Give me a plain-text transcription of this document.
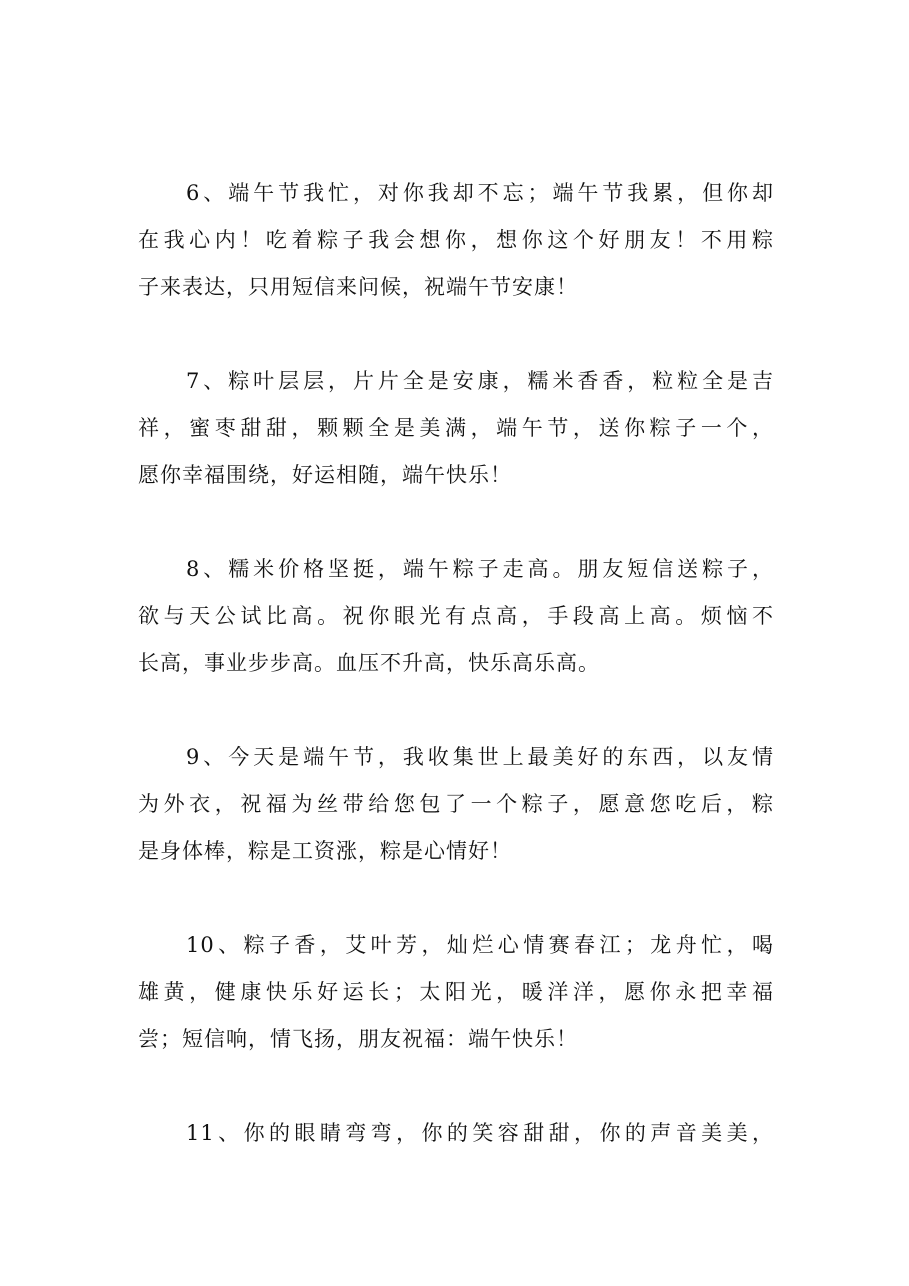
6、端午节我忙，对你我却不忘；端午节我累，但你却
在我心内！吃着粽子我会想你，想你这个好朋友！不用粽
子来表达，只用短信来问候，祝端午节安康！
7、粽叶层层，片片全是安康，糯米香香，粒粒全是吉
祥，蜜枣甜甜，颗颗全是美满，端午节，送你粽子一个，
愿你幸福围绕，好运相随，端午快乐！
8、糯米价格坚挺，端午粽子走高。朋友短信送粽子，
欲与天公试比高。祝你眼光有点高，手段高上高。烦恼不
长高，事业步步高。血压不升高，快乐高乐高。
9、今天是端午节，我收集世上最美好的东西，以友情
为外衣，祝福为丝带给您包了一个粽子，愿意您吃后，粽
是身体棒，粽是工资涨，粽是心情好！
10、粽子香，艾叶芳，灿烂心情赛春江；龙舟忙，喝
雄黄，健康快乐好运长；太阳光，暖洋洋，愿你永把幸福
尝；短信响，情飞扬，朋友祝福：端午快乐！
11、你的眼睛弯弯，你的笑容甜甜，你的声音美美，
